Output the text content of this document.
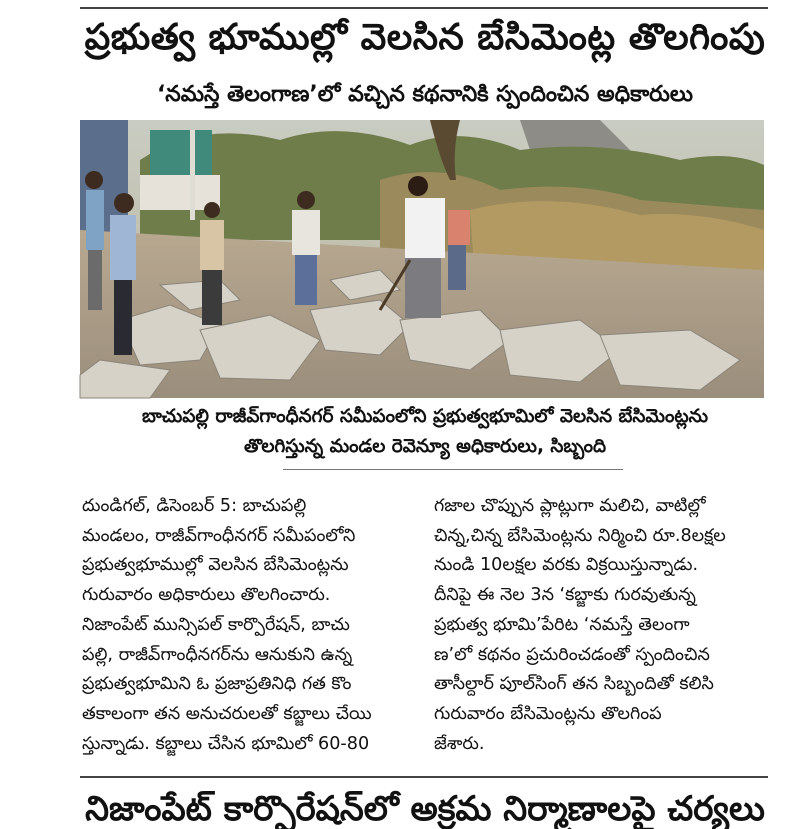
ప్రభుత్వ భూముల్లో వెలసిన బేసిమెంట్ల తొలగింపు
‘నమస్తే తెలంగాణ’లో వచ్చిన కథనానికి స్పందించిన అధికారులు
బాచుపల్లి రాజీవ్‌గాంధీనగర్ సమీపంలోని ప్రభుత్వభూమిలో వెలసిన బేసిమెంట్లను
తొలగిస్తున్న మండల రెవెన్యూ అధికారులు, సిబ్బంది

దుండిగల్, డిసెంబర్ 5: బాచుపల్లి
మండలం, రాజీవ్‌గాంధీనగర్ సమీపంలోని
ప్రభుత్వభూముల్లో వెలసిన బేసిమెంట్లను
గురువారం అధికారులు తొలగించారు.
నిజాంపేట్ మున్సిపల్ కార్పొరేషన్, బాచు
పల్లి, రాజీవ్‌గాంధీనగర్‌ను ఆనుకుని ఉన్న
ప్రభుత్వభూమిని ఓ ప్రజాప్రతినిధి గత కొం
తకాలంగా తన అనుచరులతో కబ్జాలు చేయి
స్తున్నాడు. కబ్జాలు చేసిన భూమిలో 60-80

గజాల చొప్పున ప్లాట్లుగా మలిచి, వాటిల్లో
చిన్న,చిన్న బేసిమెంట్లను నిర్మించి రూ.8లక్షల
నుండి 10లక్షల వరకు విక్రయిస్తున్నాడు.
దీనిపై ఈ నెల 3న ‘కబ్జాకు గురవుతున్న
ప్రభుత్వ భూమి’పేరిట ‘నమస్తే తెలంగా
ణ’లో కథనం ప్రచురించడంతో స్పందించిన
తాసీల్దార్ పూల్‌సింగ్ తన సిబ్బందితో కలిసి
గురువారం బేసిమెంట్లను తొలగింప
జేశారు.

నిజాంపేట్ కార్పొరేషన్‌లో అక్రమ నిర్మాణాలపై చర్యలు
